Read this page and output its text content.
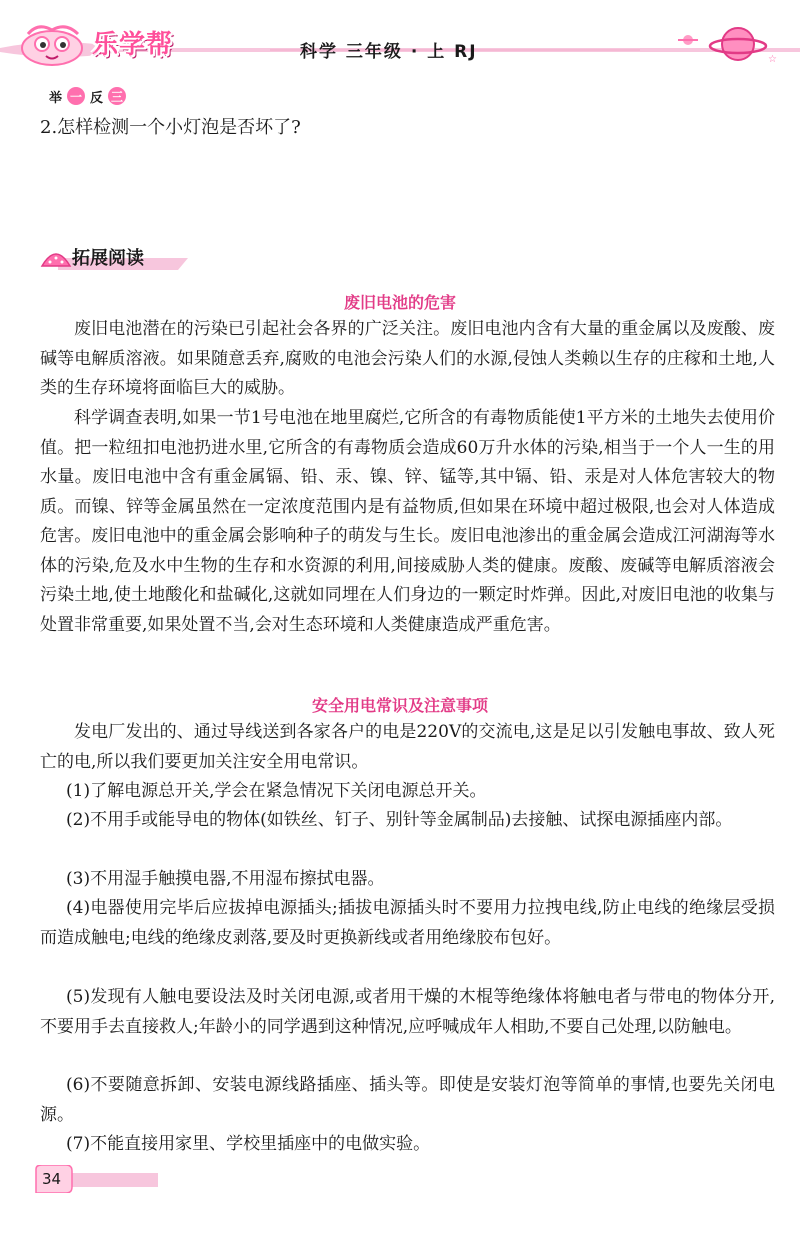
乐学帮	科学 三年级 · 上 RJ	☆
举 一 反 三
2.怎样检测一个小灯泡是否坏了?
拓展阅读
废旧电池的危害

废旧电池潜在的污染已引起社会各界的广泛关注。废旧电池内含有大量的重金属以及废酸、废碱等电解质溶液。如果随意丢弃,腐败的电池会污染人们的水源,侵蚀人类赖以生存的庄稼和土地,人类的生存环境将面临巨大的威胁。

科学调查表明,如果一节1号电池在地里腐烂,它所含的有毒物质能使1平方米的土地失去使用价值。把一粒纽扣电池扔进水里,它所含的有毒物质会造成60万升水体的污染,相当于一个人一生的用水量。废旧电池中含有重金属镉、铅、汞、镍、锌、锰等,其中镉、铅、汞是对人体危害较大的物质。而镍、锌等金属虽然在一定浓度范围内是有益物质,但如果在环境中超过极限,也会对人体造成危害。废旧电池中的重金属会影响种子的萌发与生长。废旧电池渗出的重金属会造成江河湖海等水体的污染,危及水中生物的生存和水资源的利用,间接威胁人类的健康。废酸、废碱等电解质溶液会污染土地,使土地酸化和盐碱化,这就如同埋在人们身边的一颗定时炸弹。因此,对废旧电池的收集与处置非常重要,如果处置不当,会对生态环境和人类健康造成严重危害。

安全用电常识及注意事项

发电厂发出的、通过导线送到各家各户的电是220V的交流电,这是足以引发触电事故、致人死亡的电,所以我们要更加关注安全用电常识。

(1)了解电源总开关,学会在紧急情况下关闭电源总开关。

(2)不用手或能导电的物体(如铁丝、钉子、别针等金属制品)去接触、试探电源插座内部。

(3)不用湿手触摸电器,不用湿布擦拭电器。

(4)电器使用完毕后应拔掉电源插头;插拔电源插头时不要用力拉拽电线,防止电线的绝缘层受损而造成触电;电线的绝缘皮剥落,要及时更换新线或者用绝缘胶布包好。

(5)发现有人触电要设法及时关闭电源,或者用干燥的木棍等绝缘体将触电者与带电的物体分开,不要用手去直接救人;年龄小的同学遇到这种情况,应呼喊成年人相助,不要自己处理,以防触电。

(6)不要随意拆卸、安装电源线路插座、插头等。即使是安装灯泡等简单的事情,也要先关闭电源。

(7)不能直接用家里、学校里插座中的电做实验。

34
